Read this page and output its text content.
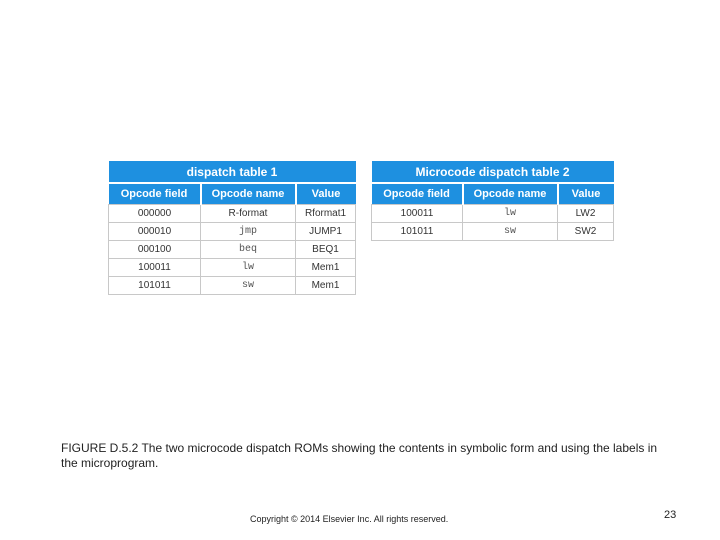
dispatch table 1		
Opcode field	Opcode name	Value
000000	R-format	Rformat1
000010	jmp	JUMP1
000100	beq	BEQ1
100011	lw	Mem1
101011	sw	Mem1
Microcode dispatch table 2		
Opcode field	Opcode name	Value
100011	lw	LW2
101011	sw	SW2
FIGURE D.5.2 The two microcode dispatch ROMs showing the contents in symbolic form and using the labels in the microprogram.
Copyright © 2014 Elsevier Inc. All rights reserved.	23
